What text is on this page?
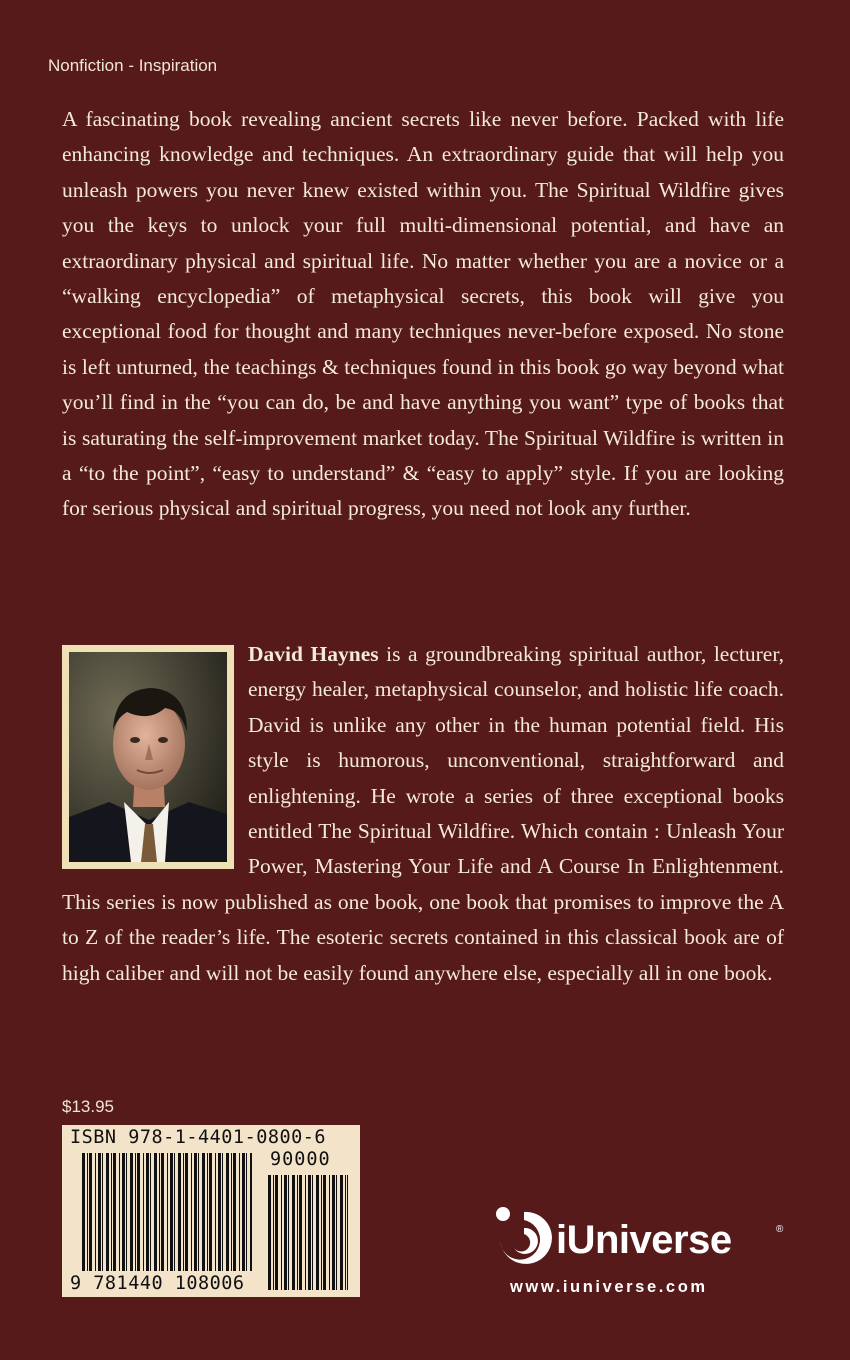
Nonfiction - Inspiration

A fascinating book revealing ancient secrets like never before. Packed with life enhancing knowledge and techniques. An extraordinary guide that will help you unleash powers you never knew existed within you. The Spiritual Wildfire gives you the keys to unlock your full multi-dimensional potential, and have an extraordinary physical and spiritual life. No matter whether you are a novice or a “walking encyclopedia” of metaphysical secrets, this book will give you exceptional food for thought and many techniques never-before exposed. No stone is left unturned, the teachings & techniques found in this book go way beyond what you’ll find in the “you can do, be and have anything you want” type of books that is saturating the self-improvement market today. The Spiritual Wildfire is written in a “to the point”, “easy to understand” & “easy to apply” style. If you are looking for serious physical and spiritual progress, you need not look any further.

David Haynes is a groundbreaking spiritual author, lecturer, energy healer, metaphysical counselor, and holistic life coach. David is unlike any other in the human potential field. His style is humorous, unconventional, straightforward and enlightening. He wrote a series of three exceptional books entitled The Spiritual Wildfire. Which contain : Unleash Your Power, Mastering Your Life and A Course In Enlightenment. This series is now published as one book, one book that promises to improve the A to Z of the reader’s life. The esoteric secrets contained in this classical book are of high caliber and will not be easily found anywhere else, especially all in one book.

$13.95
ISBN 978-1-4401-0800-6
90000
9 781440 108006
iUniverse	®
www.iuniverse.com
